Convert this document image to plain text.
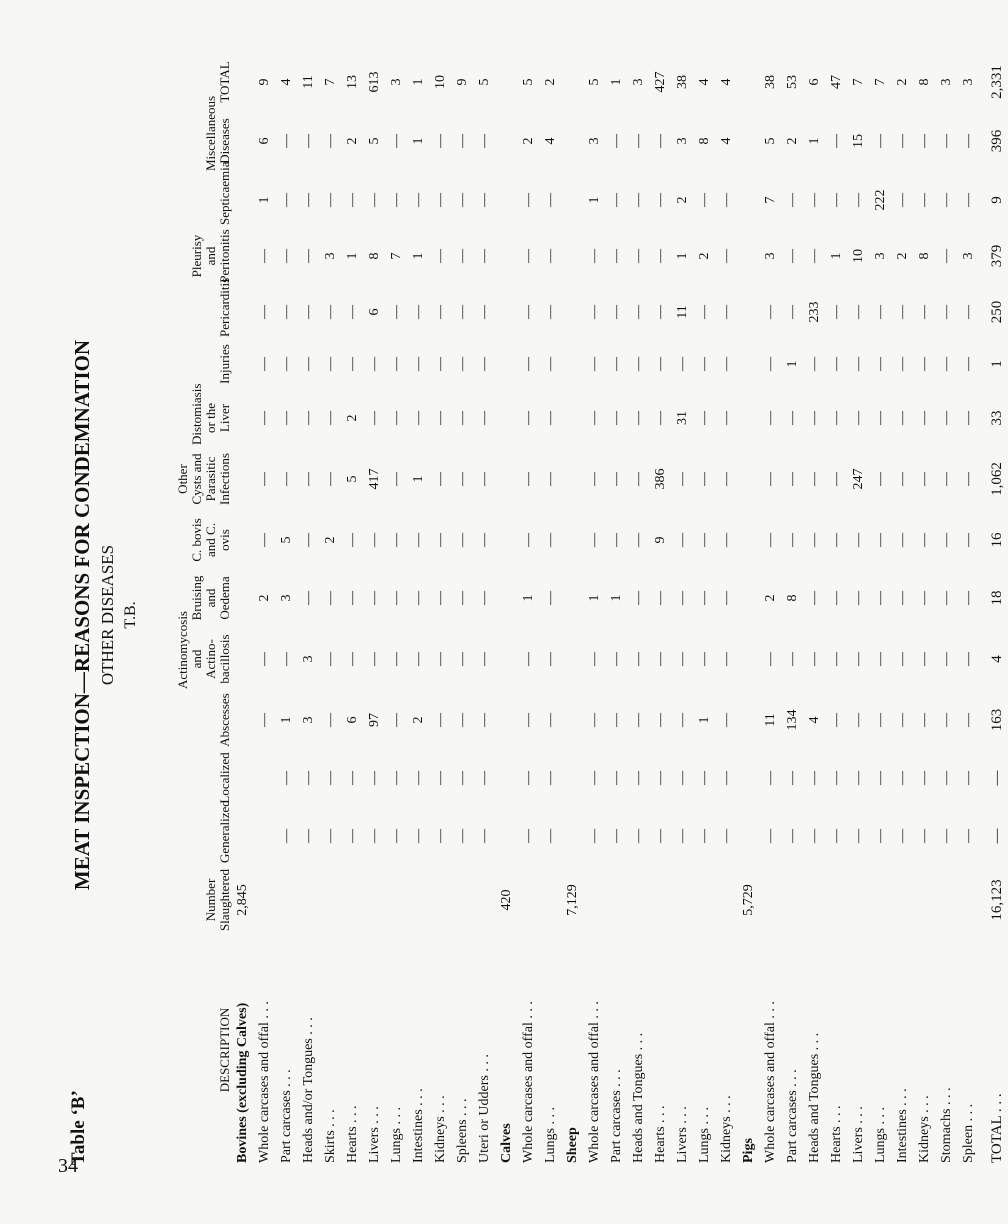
34
Table ‘B’
MEAT INSPECTION—REASONS FOR CONDEMNATION OTHER DISEASES T.B.
DESCRIPTION	Number Slaughtered	Generalized	Localized	Abscesses	Actinomycosis and Actino-bacillosis	Bruising and Oedema	C. bovis and C. ovis	Other Cysts and Parasitic Infections	Distomiasis or the Liver	Injuries	Pericarditis	Pleurisy and Peritonitis	Septicaemia	Miscellaneous Diseases	TOTAL
Bovines (excluding Calves)	2,845														
Whole carcases and offal . . .				—	—	2	—	—	—	—	—	—	1	6	9
Part carcases . . .		—	—	1	—	3	5	—	—	—	—	—	—	—	4
Heads and/or Tongues . . .		—	—	3	3	—	—	—	—	—	—	—	—	—	11
Skirts . . .		—	—	—	—	—	2	—	—	—	—	3	—	—	7
Hearts . . .		—	—	6	—	—	—	5	2	—	—	1	—	2	13
Livers . . .		—	—	97	—	—	—	417	—	—	6	8	—	5	613
Lungs . . .		—	—	—	—	—	—	—	—	—	—	7	—	—	3
Intestines . . .		—	—	2	—	—	—	1	—	—	—	1	—	1	1
Kidneys . . .		—	—	—	—	—	—	—	—	—	—	—	—	—	10
Spleens . . .		—	—	—	—	—	—	—	—	—	—	—	—	—	9
Uteri or Udders . . .		—	—	—	—	—	—	—	—	—	—	—	—	—	5
Calves	420														
Whole carcases and offal . . .		—	—	—	—	1	—	—	—	—	—	—	—	2	5
Lungs . . .		—	—	—	—	—	—	—	—	—	—	—	—	4	2
Sheep	7,129														
Whole carcases and offal . . .		—	—	—	—	1	—	—	—	—	—	—	1	3	5
Part carcases . . .		—	—	—	—	1	—	—	—	—	—	—	—	—	1
Heads and Tongues . . .		—	—	—	—	—	—	—	—	—	—	—	—	—	3
Hearts . . .		—	—	—	—	—	9	386	—	—	—	—	—	—	427
Livers . . .		—	—	—	—	—	—	—	31	—	11	1	2	3	38
Lungs . . .		—	—	1	—	—	—	—	—	—	—	2	—	8	4
Kidneys . . .		—	—	—	—	—	—	—	—	—	—	—	—	4	4
Pigs	5,729														
Whole carcases and offal . . .		—	—	11	—	2	—	—	—	—	—	3	7	5	38
Part carcases . . .		—	—	134	—	8	—	—	—	1	—	—	—	2	53
Heads and Tongues . . .		—	—	4	—	—	—	—	—	—	233	—	—	1	6
Hearts . . .		—	—	—	—	—	—	—	—	—	—	1	—	—	47
Livers . . .		—	—	—	—	—	—	247	—	—	—	10	—	15	7
Lungs . . .		—	—	—	—	—	—	—	—	—	—	3	222	—	7
Intestines . . .		—	—	—	—	—	—	—	—	—	—	2	—	—	2
Kidneys . . .		—	—	—	—	—	—	—	—	—	—	8	—	—	8
Stomachs . . .		—	—	—	—	—	—	—	—	—	—	—	—	—	3
Spleen . . .		—	—	—	—	—	—	—	—	—	—	3	—	—	3
TOTAL . . .	16,123	—	—	163	4	18	16	1,062	33	1	250	379	9	396	2,331
